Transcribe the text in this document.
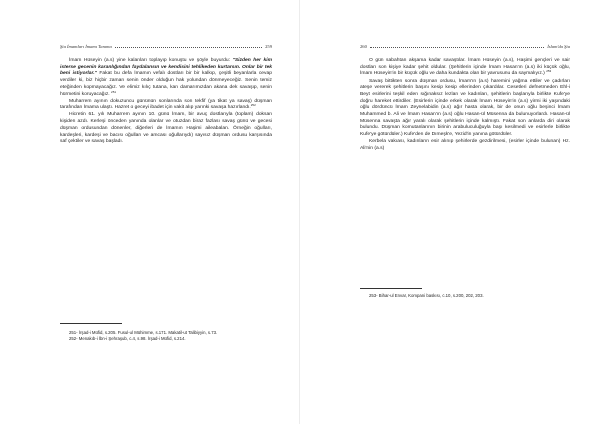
Şia İmamları İmamı Tanıma	259

İmam Hüseyin (a.s) yine kalanları toplayıp konuştu ve şöyle buyurdu: "Sizden her kim isterse gecenin karanlığından faydalansın ve kendisini tehlikeden kurtarsın. Onlar bir tek beni istiyorlar." Fakat bu defa İmamın vefalı dostları bir bir kalkıp, çeşitli beyanlarla cevap verdiler ki, biz hiçbir zaman senin önder olduğun hak yolundan dönmeyeceğiz. Senin temiz eteğinden kopmayacağız. Ve elimiz kılıç tutana, kan damarımızdan akana dek savaşıp, senin hürmetini koruyacağız. $^{251}$

Muharrem ayının dokuzuncu gününün sonlarında son tekfif (ya tikat ya savaş) düşman tarafından İmama ulaştı. Hazret o geceyi ibadet için vakit alıp yarınki savaşa hazırlandı.$^{252}$

Hicretin 61. yılı Muharrem ayının 10. günü İmam, bir avuç dostlarıyla (toplam) doksan kişiden azdı. Kerleşi önceden yanında olanlar ve otuzdan biraz fazlası savaş günü ve gecesi düşman ordusundan dönenler, diğerleri de İmamın Haşimi aileabalan. Örneğin oğulları, kardeşleri, kardeşi ve bacısı oğulları ve amcası oğullarıydı) sayısız düşman ordusu karşısında saf çektiler ve savaş başladı.

251- İrşad-i Müfid, s.205. Fusul-ul Mühimme, s.171. Makatil-ut Talibiyyin, s.73.

252- Menakıb-i İbn-i Şehraşub, c.4, s.98. İrşad-i Müfid, s.214.

260	İslam'da Şia

O gün sabahtan akşama kadar savaştılar. İmam Hüseyin (a.s), Haşimi gençleri ve sair dostları son kişiye kadar şehit oldular. (Şehitlerin içinde İmam Hasan'ın (a.s) iki küçük oğlu, İmam Hüseyin'in bir küçük oğlu ve daha kundakta olan bir yavrusunu da saymalıyız.) $^{253}$

Savaş bittikten sonra düşman ordusu, İmam'ın (a.s) haremini yağma ettiler ve çadırları ateşe vererek şehitlerin başını kesip kesip ellerinden çıkardılar. Cesetleri defnetmeden Ehl-i Beyt esirlerini teşkil eden sığınaksız lezlan ve kadınları, şehitlerin başlarıyla birlikte Kufe'ye doğru hareket ettirdiler. (Esirlerin içinde erkek olarak İmam Hüseyin'in (a.s) yirmi iki yaşındaki oğlu dördüncü İmam Zeynelabidin (a.s) ağır hasta olarak, bir de onun oğlu beşinci İmam Muhammed b. Ali ve İmam Hasan'ın (a.s) oğlu Hasan-ül Müsenna da bulunuyorlardı. Hasan-ül Müsenna savaşta ağır yaralı olarak şehitlerin içinde kalmıştı. Fakat son anlarda diri olarak bulundu. Düşman komutanlarının birinin arabuluculuğuyla başı kesilmedi ve esirlerle birlikte Kufe'ye götürdüler.) Kufe'den de Dımeşk'e, Yezid'in yanına götürdüler.

Kerbela vakıası, kadınların esir alınıp şehirlerde gezdirilmesi, (esirler içinde bulunan) Hz. Ali'nin (a.s)

253- Bihar-ul Envar, Kompani baskısı, c.10, s.200, 202, 203.
